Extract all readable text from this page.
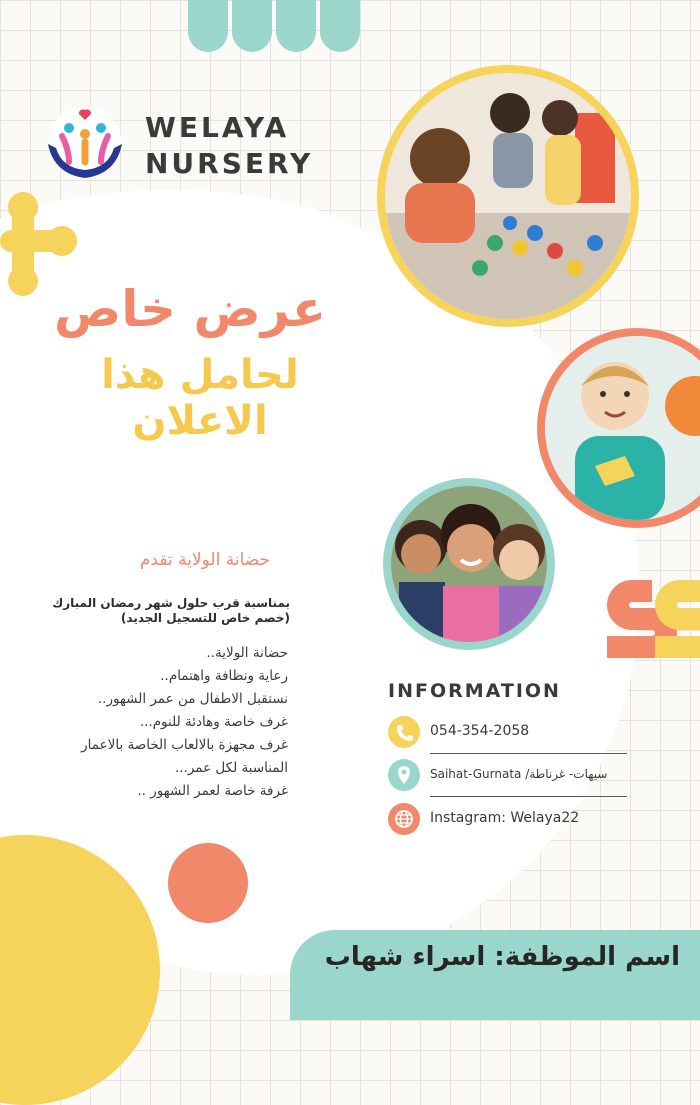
WELAYA
NURSERY
عرض خاص
لحامل هذا الاعلان
حضانة الولاية تقدم
بمناسبة قرب حلول شهر رمضان المبارك
(خصم خاص للتسجيل الجديد)
حضانة الولاية..
رعاية ونظافة واهتمام..
نستقبل الاطفال من عمر الشهور..
غرف خاصة وهادئة للنوم...
غرف مجهزة بالالعاب الخاصة بالاعمار
المناسبة لكل عمر...
غرفة خاصة لعمر الشهور ..
INFORMATION
054-354-2058
Saihat-Gurnata /سيهات- غرناطة
Instagram: Welaya22
اسم الموظفة: اسراء شهاب
